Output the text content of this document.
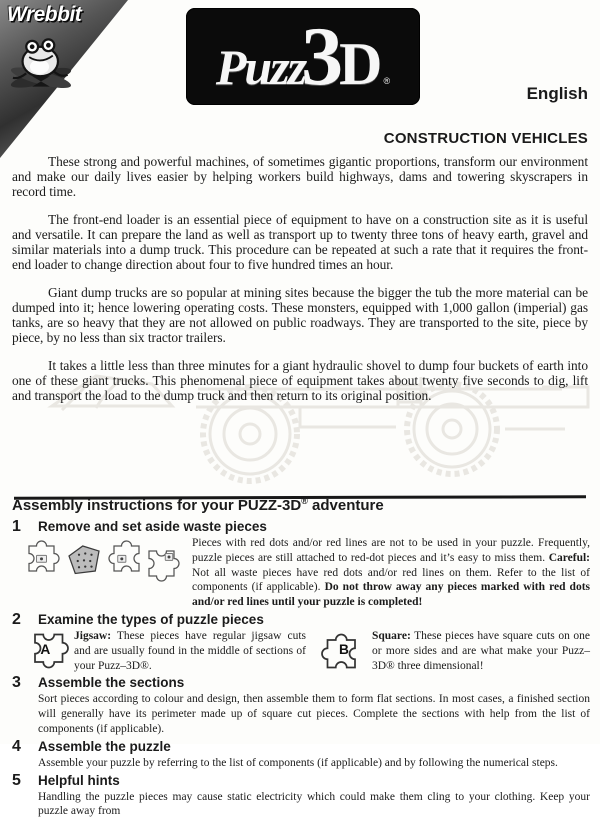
Wrebbit
Puzz
3
D ®
English
CONSTRUCTION VEHICLES

These strong and powerful machines, of sometimes gigantic proportions, transform our environment and make our daily lives easier by helping workers build highways, dams and towering skyscrapers in record time.

The front-end loader is an essential piece of equipment to have on a construction site as it is useful and versatile. It can prepare the land as well as transport up to twenty three tons of heavy earth, gravel and similar materials into a dump truck. This procedure can be repeated at such a rate that it requires the front-end loader to change direction about four to five hundred times an hour.

Giant dump trucks are so popular at mining sites because the bigger the tub the more material can be dumped into it; hence lowering operating costs. These monsters, equipped with 1,000 gallon (imperial) gas tanks, are so heavy that they are not allowed on public roadways. They are transported to the site, piece by piece, by no less than six tractor trailers.

It takes a little less than three minutes for a giant hydraulic shovel to dump four buckets of earth into one of these giant trucks. This phenomenal piece of equipment takes about twenty five seconds to dig, lift and transport the load to the dump truck and then return to its original position.

Assembly instructions for your PUZZ-3D® adventure
1	Remove and set aside waste pieces
Pieces with red dots and/or red lines are not to be used in your puzzle. Frequently, puzzle pieces are still attached to red-dot pieces and it’s easy to miss them. Careful: Not all waste pieces have red dots and/or red lines on them. Refer to the list of components (if applicable). Do not throw away any pieces marked with red dots and/or red lines until your puzzle is completed!
2	Examine the types of puzzle pieces
A
Jigsaw: These pieces have regular jigsaw cuts and are usually found in the middle of sections of your Puzz–3D®.
B
Square: These pieces have square cuts on one or more sides and are what make your Puzz–3D® three dimensional!
3	Assemble the sections
Sort pieces according to colour and design, then assemble them to form flat sections. In most cases, a finished section will generally have its perimeter made up of square cut pieces. Complete the sections with help from the list of components (if applicable).
4	Assemble the puzzle
Assemble your puzzle by referring to the list of components (if applicable) and by following the numerical steps.
5	Helpful hints
Handling the puzzle pieces may cause static electricity which could make them cling to your clothing. Keep your puzzle away from
